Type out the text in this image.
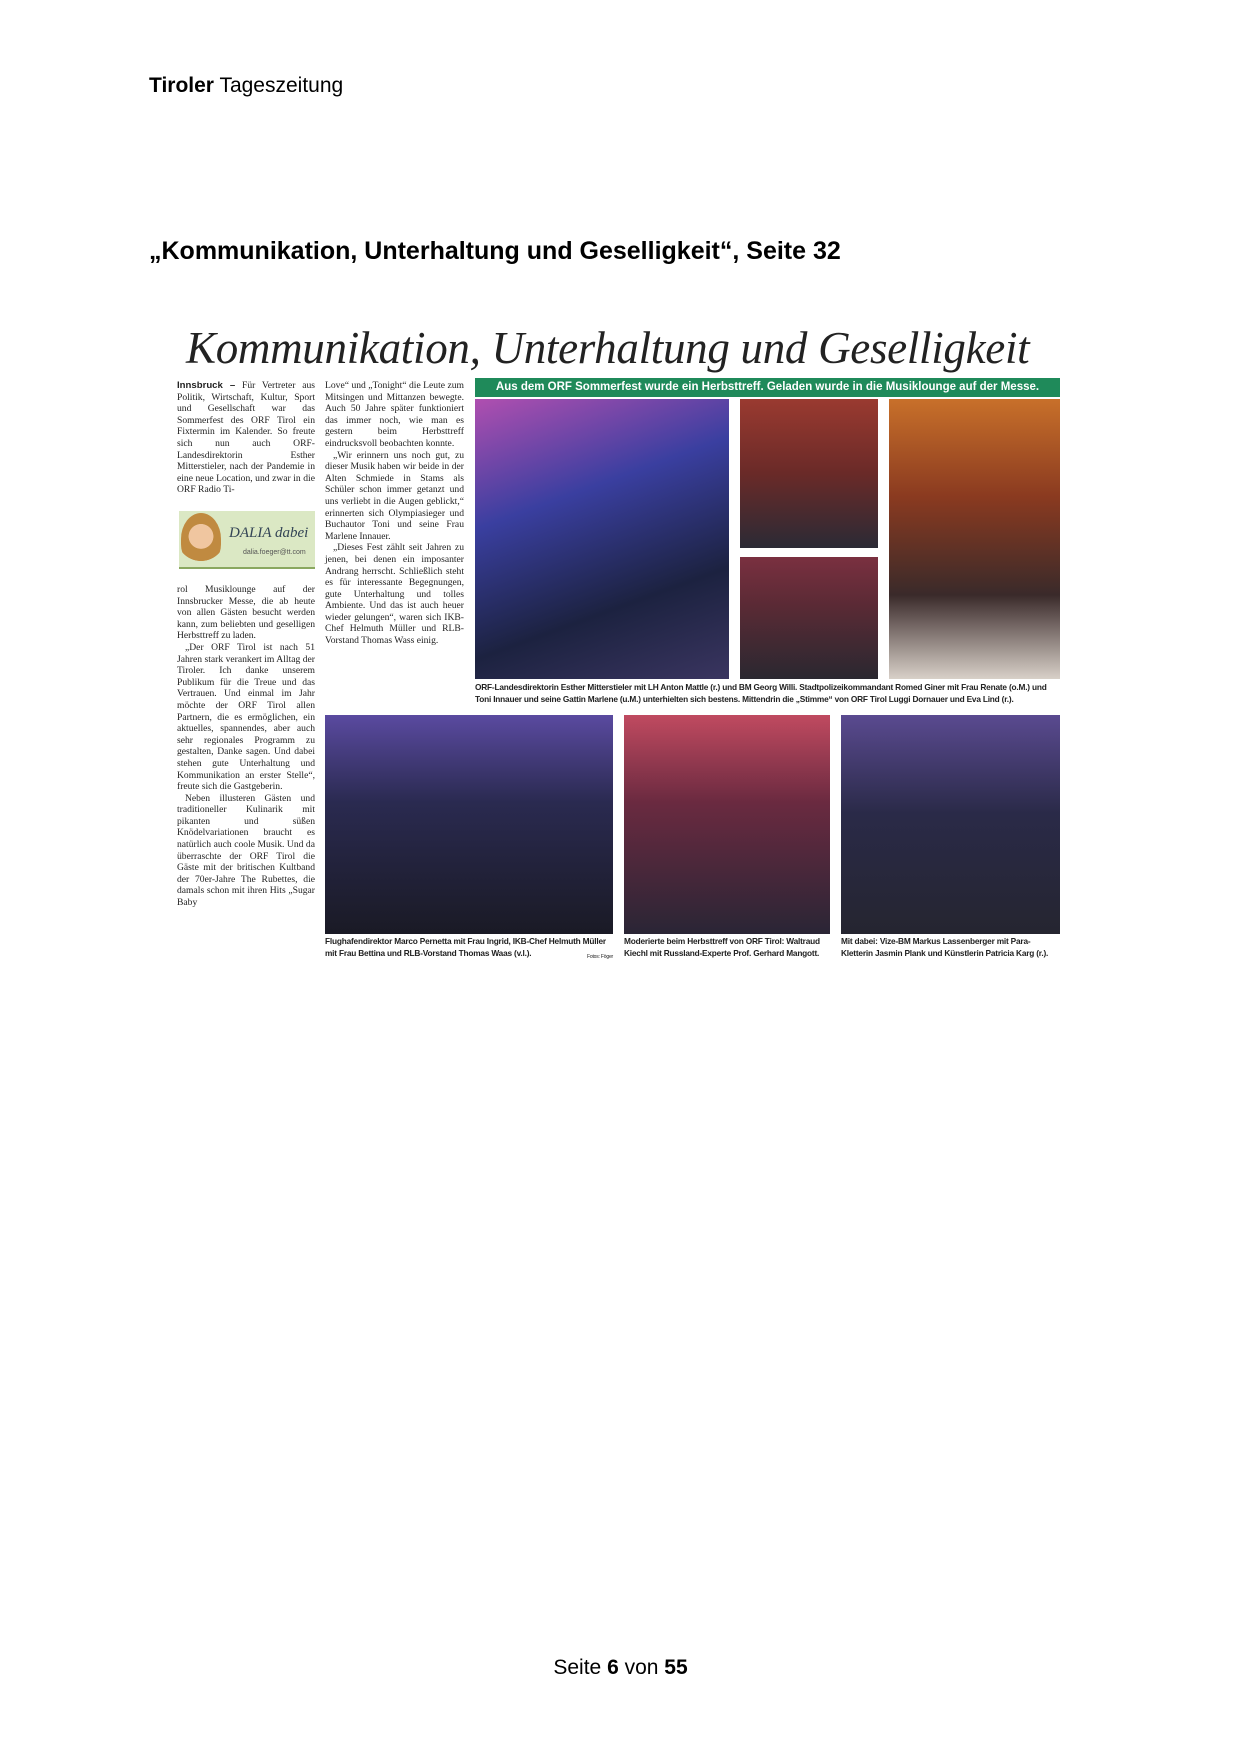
Tiroler Tageszeitung
„Kommunikation, Unterhaltung und Geselligkeit“, Seite 32
Kommunikation, Unterhaltung und Geselligkeit

Innsbruck – Für Vertreter aus Politik, Wirtschaft, Kultur, Sport und Gesellschaft war das Sommerfest des ORF Tirol ein Fixtermin im Kalender. So freute sich nun auch ORF-Landesdirektorin Esther Mitterstieler, nach der Pandemie in eine neue Location, und zwar in die ORF Radio Ti-

DALIA dabei
dalia.foeger@tt.com

rol Musiklounge auf der Innsbrucker Messe, die ab heute von allen Gästen besucht werden kann, zum beliebten und geselligen Herbsttreff zu laden.

„Der ORF Tirol ist nach 51 Jahren stark verankert im Alltag der Tiroler. Ich danke unserem Publikum für die Treue und das Vertrauen. Und einmal im Jahr möchte der ORF Tirol allen Partnern, die es ermöglichen, ein aktuelles, spannendes, aber auch sehr regionales Programm zu gestalten, Danke sagen. Und dabei stehen gute Unterhaltung und Kommunikation an erster Stelle“, freute sich die Gastgeberin.

Neben illusteren Gästen und traditioneller Kulinarik mit pikanten und süßen Knödelvariationen braucht es natürlich auch coole Musik. Und da überraschte der ORF Tirol die Gäste mit der britischen Kultband der 70er-Jahre The Rubettes, die damals schon mit ihren Hits „Sugar Baby

Love“ und „Tonight“ die Leute zum Mitsingen und Mittanzen bewegte. Auch 50 Jahre später funktioniert das immer noch, wie man es gestern beim Herbsttreff eindrucksvoll beobachten konnte.

„Wir erinnern uns noch gut, zu dieser Musik haben wir beide in der Alten Schmiede in Stams als Schüler schon immer getanzt und uns verliebt in die Augen geblickt,“ erinnerten sich Olympiasieger und Buchautor Toni und seine Frau Marlene Innauer.

„Dieses Fest zählt seit Jahren zu jenen, bei denen ein imposanter Andrang herrscht. Schließlich steht es für interessante Begegnungen, gute Unterhaltung und tolles Ambiente. Und das ist auch heuer wieder gelungen“, waren sich IKB-Chef Helmuth Müller und RLB-Vorstand Thomas Wass einig.

Aus dem ORF Sommerfest wurde ein Herbsttreff. Geladen wurde in die Musiklounge auf der Messe.
ORF-Landesdirektorin Esther Mitterstieler mit LH Anton Mattle (r.) und BM Georg Willi. Stadtpolizeikommandant Romed Giner mit Frau Renate (o.M.) und Toni Innauer und seine Gattin Marlene (u.M.) unterhielten sich bestens. Mittendrin die „Stimme“ von ORF Tirol Luggi Dornauer und Eva Lind (r.).
Flughafendirektor Marco Pernetta mit Frau Ingrid, IKB-Chef Helmuth Müller mit Frau Bettina und RLB-Vorstand Thomas Waas (v.l.).	Fotos: Föger
Moderierte beim Herbsttreff von ORF Tirol: Waltraud Kiechl mit Russland-Experte Prof. Gerhard Mangott.
Mit dabei: Vize-BM Markus Lassenberger mit Para-Kletterin Jasmin Plank und Künstlerin Patricia Karg (r.).
Seite 6 von 55
